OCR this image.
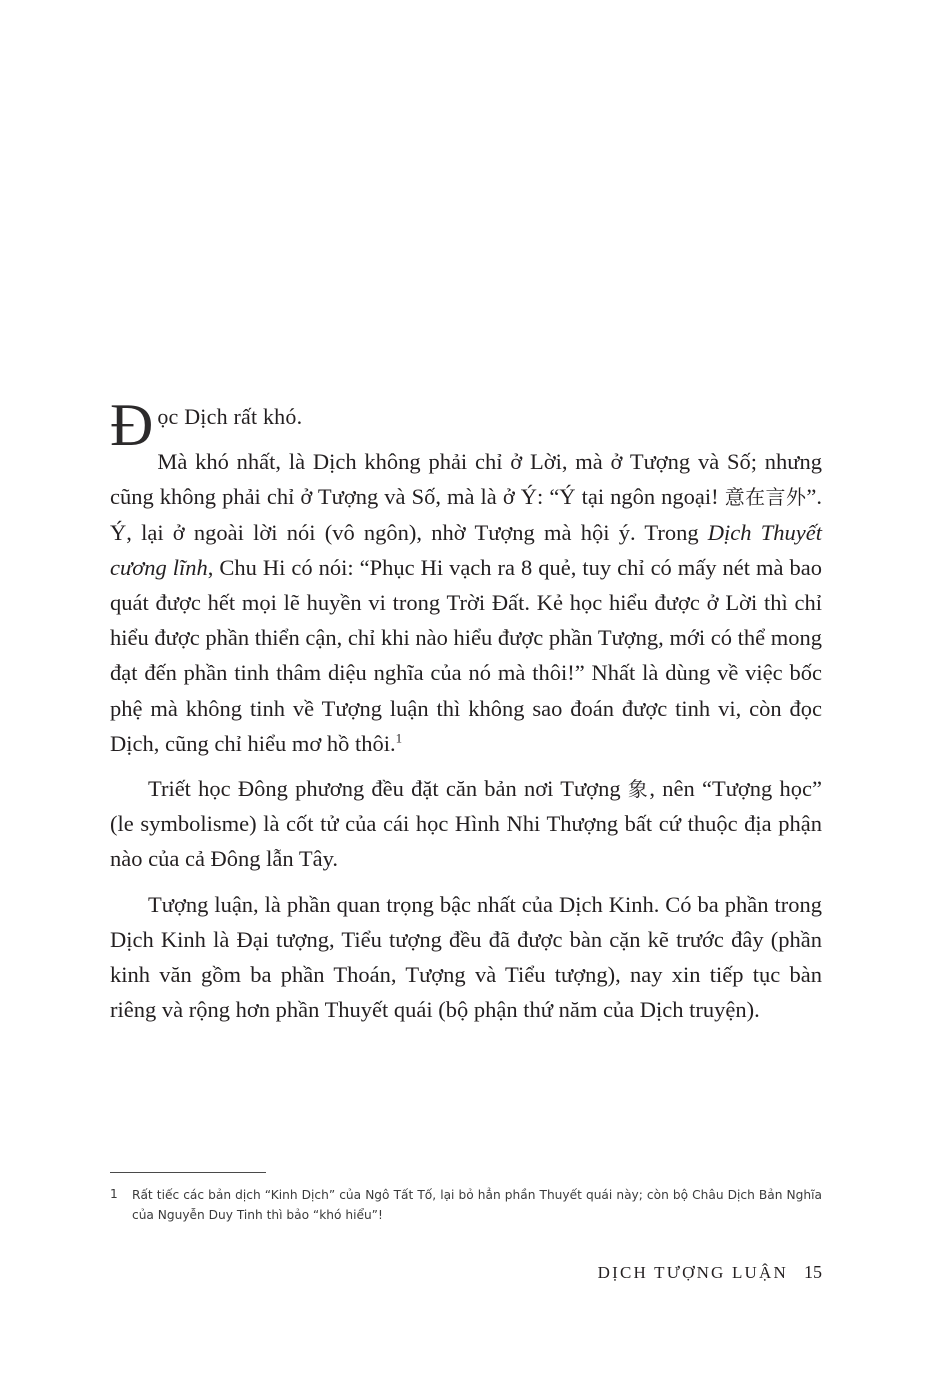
Đọc Dịch rất khó.

Mà khó nhất, là Dịch không phải chỉ ở Lời, mà ở Tượng và Số; nhưng cũng không phải chỉ ở Tượng và Số, mà là ở Ý: “Ý tại ngôn ngoại! 意在言外”. Ý, lại ở ngoài lời nói (vô ngôn), nhờ Tượng mà hội ý. Trong Dịch Thuyết cương lĩnh, Chu Hi có nói: “Phục Hi vạch ra 8 quẻ, tuy chỉ có mấy nét mà bao quát được hết mọi lẽ huyền vi trong Trời Đất. Kẻ học hiểu được ở Lời thì chỉ hiểu được phần thiển cận, chỉ khi nào hiểu được phần Tượng, mới có thể mong đạt đến phần tinh thâm diệu nghĩa của nó mà thôi!” Nhất là dùng về việc bốc phệ mà không tinh về Tượng luận thì không sao đoán được tinh vi, còn đọc Dịch, cũng chỉ hiểu mơ hồ thôi.$^1$

Triết học Đông phương đều đặt căn bản nơi Tượng 象, nên “Tượng học” (le symbolisme) là cốt tử của cái học Hình Nhi Thượng bất cứ thuộc địa phận nào của cả Đông lẫn Tây.

Tượng luận, là phần quan trọng bậc nhất của Dịch Kinh. Có ba phần trong Dịch Kinh là Đại tượng, Tiểu tượng đều đã được bàn cặn kẽ trước đây (phần kinh văn gồm ba phần Thoán, Tượng và Tiểu tượng), nay xin tiếp tục bàn riêng và rộng hơn phần Thuyết quái (bộ phận thứ năm của Dịch truyện).

1 Rất tiếc các bản dịch “Kinh Dịch” của Ngô Tất Tố, lại bỏ hẳn phần Thuyết quái này; còn bộ Châu Dịch Bản Nghĩa của Nguyễn Duy Tinh thì bảo “khó hiểu”!
DỊCH TƯỢNG LUẬN 15
